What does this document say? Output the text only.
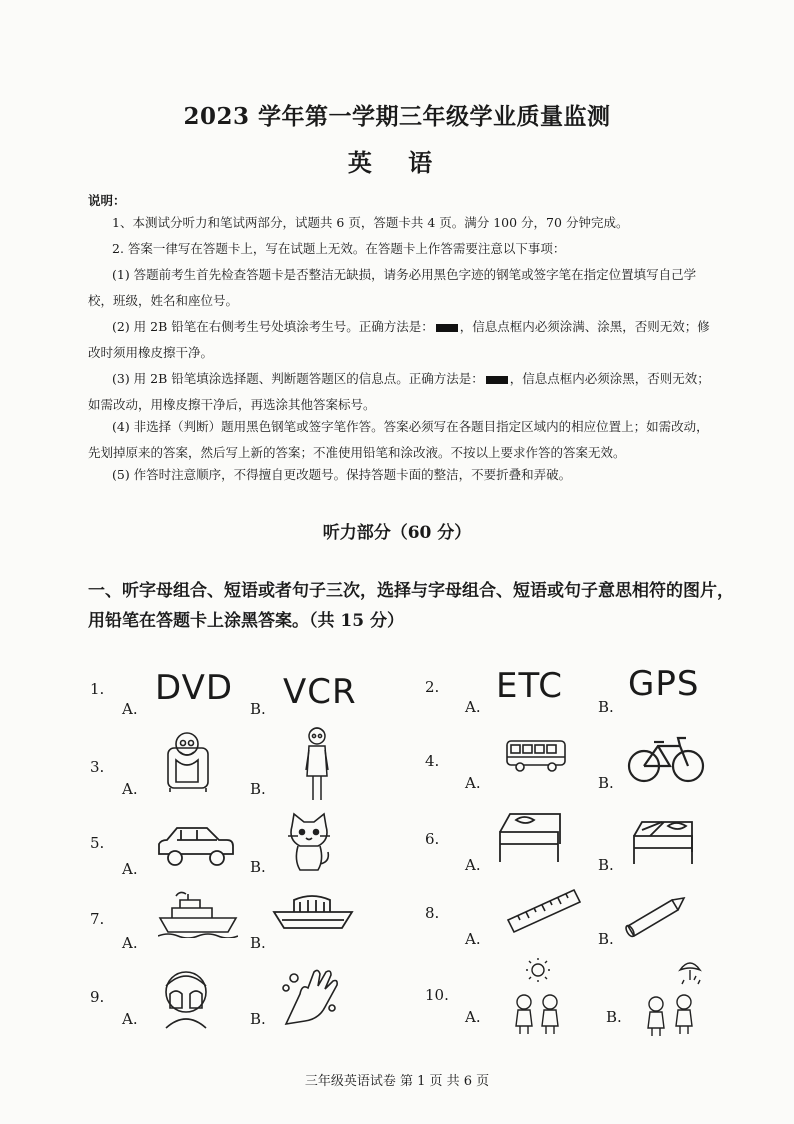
2023 学年第一学期三年级学业质量监测
英 语
说明：
1、本测试分听力和笔试两部分，试题共 6 页，答题卡共 4 页。满分 100 分，70 分钟完成。
2. 答案一律写在答题卡上，写在试题上无效。在答题卡上作答需要注意以下事项：
(1) 答题前考生首先检查答题卡是否整洁无缺损，请务必用黑色字迹的钢笔或签字笔在指定位置填写自己学校，班级，姓名和座位号。
(2) 用 2B 铅笔在右侧考生号处填涂考生号。正确方法是： ，信息点框内必须涂满、涂黑，否则无效；修改时须用橡皮擦干净。
(3) 用 2B 铅笔填涂选择题、判断题答题区的信息点。正确方法是： ，信息点框内必须涂黑，否则无效；如需改动，用橡皮擦干净后，再选涂其他答案标号。
(4) 非选择（判断）题用黑色钢笔或签字笔作答。答案必须写在各题目指定区域内的相应位置上；如需改动，先划掉原来的答案，然后写上新的答案；不准使用铅笔和涂改液。不按以上要求作答的答案无效。
(5) 作答时注意顺序，不得擅自更改题号。保持答题卡面的整洁，不要折叠和弄破。
听力部分（60 分）
一、听字母组合、短语或者句子三次，选择与字母组合、短语或句子意思相符的图片，用铅笔在答题卡上涂黑答案。（共 15 分）
1.
A.
DVD
B. VCR	2.
A.
ETC
B.
GPS
3.
A.	B.
4.
A.	B.
5.
A.	B.
6.
A.	B.
7.
A.	B.
8.
A.	B.
9.
A.	B.
10.
A.	B.
三年级英语试卷 第 1 页 共 6 页
